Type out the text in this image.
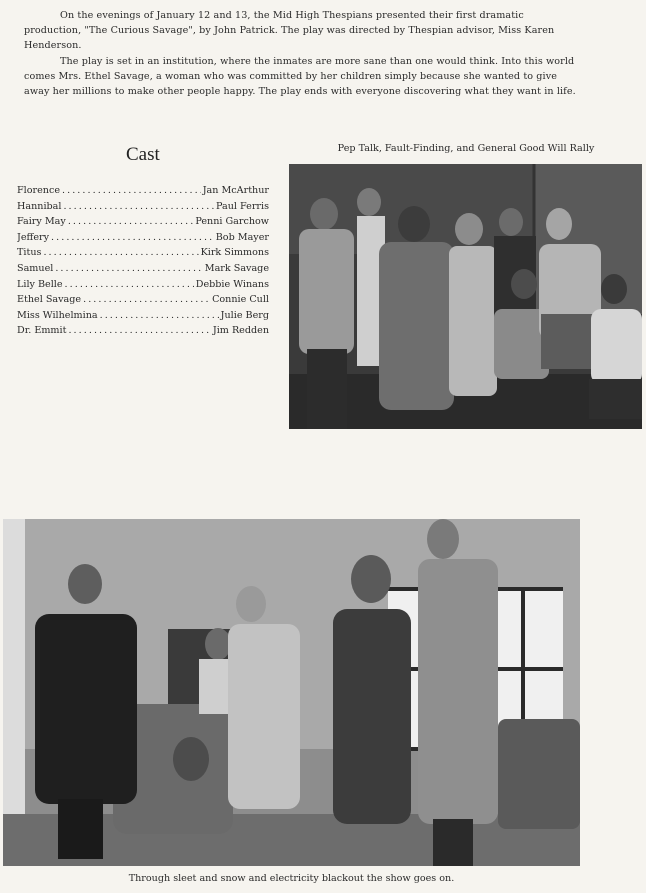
On the evenings of January 12 and 13, the Mid High Thespians presented their first dramatic production, "The Curious Savage", by John Patrick. The play was directed by Thespian advisor, Miss Karen Henderson.

The play is set in an institution, where the inmates are more sane than one would think. Into this world comes Mrs. Ethel Savage, a woman who was committed by her children simply because she wanted to give away her millions to make other people happy. The play ends with everyone discovering what they want in life.

Cast
Florence . . .	Jan McArthur
Hannibal . . .	Paul Ferris
Fairy May . . .	Penni Garchow
Jeffery . . .	Bob Mayer
Titus . . .	Kirk Simmons
Samuel . . .	Mark Savage
Lily Belle . . .	Debbie Winans
Ethel Savage . . .	Connie Cull
Miss Wilhelmina . . .	Julie Berg
Dr. Emmit . . .	Jim Redden
Pep Talk, Fault-Finding, and General Good Will Rally
Through sleet and snow and electricity blackout the show goes on.
